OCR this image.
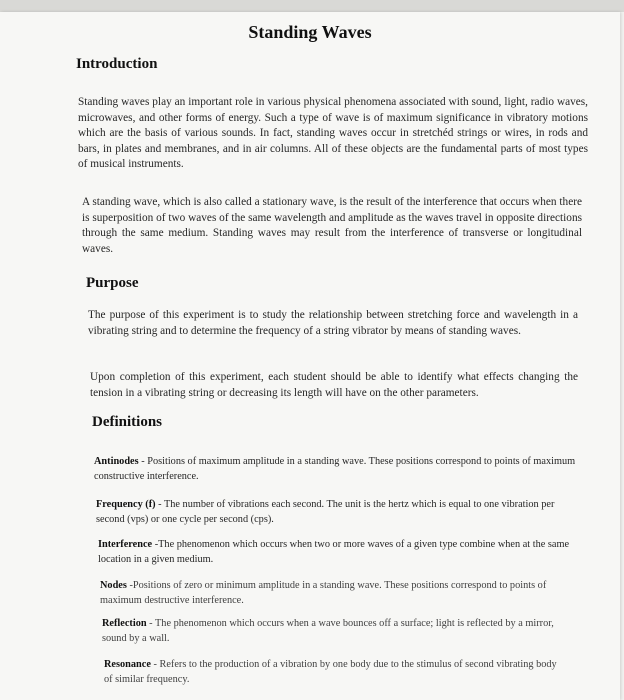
Standing Waves
Introduction
Standing waves play an important role in various physical phenomena associated with sound, light, radio waves, microwaves, and other forms of energy. Such a type of wave is of maximum significance in vibratory motions which are the basis of various sounds. In fact, standing waves occur in stretchéd strings or wires, in rods and bars, in plates and membranes, and in air columns. All of these objects are the fundamental parts of most types of musical instruments.
A standing wave, which is also called a stationary wave, is the result of the interference that occurs when there is superposition of two waves of the same wavelength and amplitude as the waves travel in opposite directions through the same medium. Standing waves may result from the interference of transverse or longitudinal waves.
Purpose
The purpose of this experiment is to study the relationship between stretching force and wavelength in a vibrating string and to determine the frequency of a string vibrator by means of standing waves.
Upon completion of this experiment, each student should be able to identify what effects changing the tension in a vibrating string or decreasing its length will have on the other parameters.
Definitions
Antinodes - Positions of maximum amplitude in a standing wave. These positions correspond to points of maximum constructive interference.
Frequency (f) - The number of vibrations each second. The unit is the hertz which is equal to one vibration per second (vps) or one cycle per second (cps).
Interference -The phenomenon which occurs when two or more waves of a given type combine when at the same location in a given medium.
Nodes -Positions of zero or minimum amplitude in a standing wave. These positions correspond to points of maximum destructive interference.
Reflection - The phenomenon which occurs when a wave bounces off a surface; light is reflected by a mirror, sound by a wall.
Resonance - Refers to the production of a vibration by one body due to the stimulus of second vibrating body of similar frequency.
